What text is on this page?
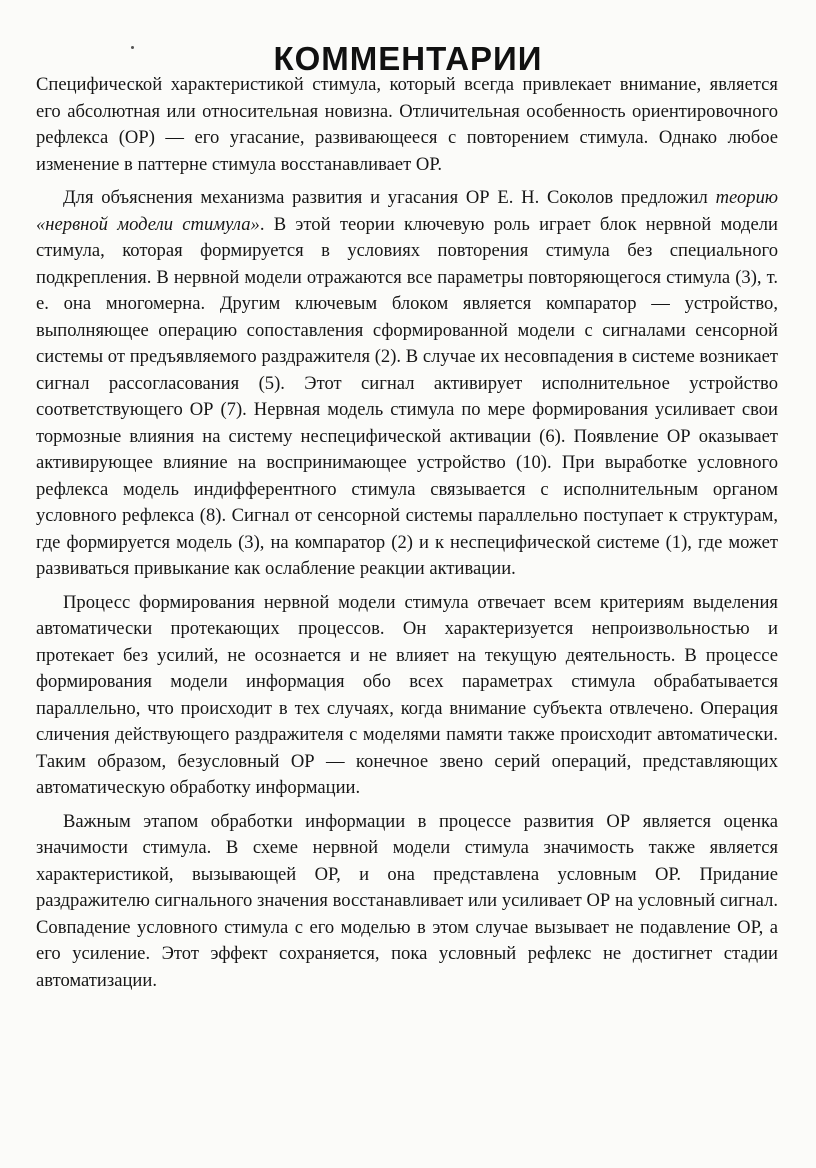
КОММЕНТАРИИ

Специфической характеристикой стимула, который всегда привлекает внимание, является его абсолютная или относительная новизна. Отличительная особенность ориентировочного рефлекса (ОР) — его угасание, развивающееся с повторением стимула. Однако любое изменение в паттерне стимула восстанавливает ОР.

Для объяснения механизма развития и угасания ОР Е. Н. Соколов предложил теорию «нервной модели стимула». В этой теории ключевую роль играет блок нервной модели стимула, которая формируется в условиях повторения стимула без специального подкрепления. В нервной модели отражаются все параметры повторяющегося стимула (3), т. е. она многомерна. Другим ключевым блоком является компаратор — устройство, выполняющее операцию сопоставления сформированной модели с сигналами сенсорной системы от предъявляемого раздражителя (2). В случае их несовпадения в системе возникает сигнал рассогласования (5). Этот сигнал активирует исполнительное устройство соответствующего ОР (7). Нервная модель стимула по мере формирования усиливает свои тормозные влияния на систему неспецифической активации (6). Появление ОР оказывает активирующее влияние на воспринимающее устройство (10). При выработке условного рефлекса модель индифферентного стимула связывается с исполнительным органом условного рефлекса (8). Сигнал от сенсорной системы параллельно поступает к структурам, где формируется модель (3), на компаратор (2) и к неспецифической системе (1), где может развиваться привыкание как ослабление реакции активации.

Процесс формирования нервной модели стимула отвечает всем критериям выделения автоматически протекающих процессов. Он характеризуется непроизвольностью и протекает без усилий, не осознается и не влияет на текущую деятельность. В процессе формирования модели информация обо всех параметрах стимула обрабатывается параллельно, что происходит в тех случаях, когда внимание субъекта отвлечено. Операция сличения действующего раздражителя с моделями памяти также происходит автоматически. Таким образом, безусловный ОР — конечное звено серий операций, представляющих автоматическую обработку информации.

Важным этапом обработки информации в процессе развития ОР является оценка значимости стимула. В схеме нервной модели стимула значимость также является характеристикой, вызывающей ОР, и она представлена условным ОР. Придание раздражителю сигнального значения восстанавливает или усиливает ОР на условный сигнал. Совпадение условного стимула с его моделью в этом случае вызывает не подавление ОР, а его усиление. Этот эффект сохраняется, пока условный рефлекс не достигнет стадии автоматизации.
